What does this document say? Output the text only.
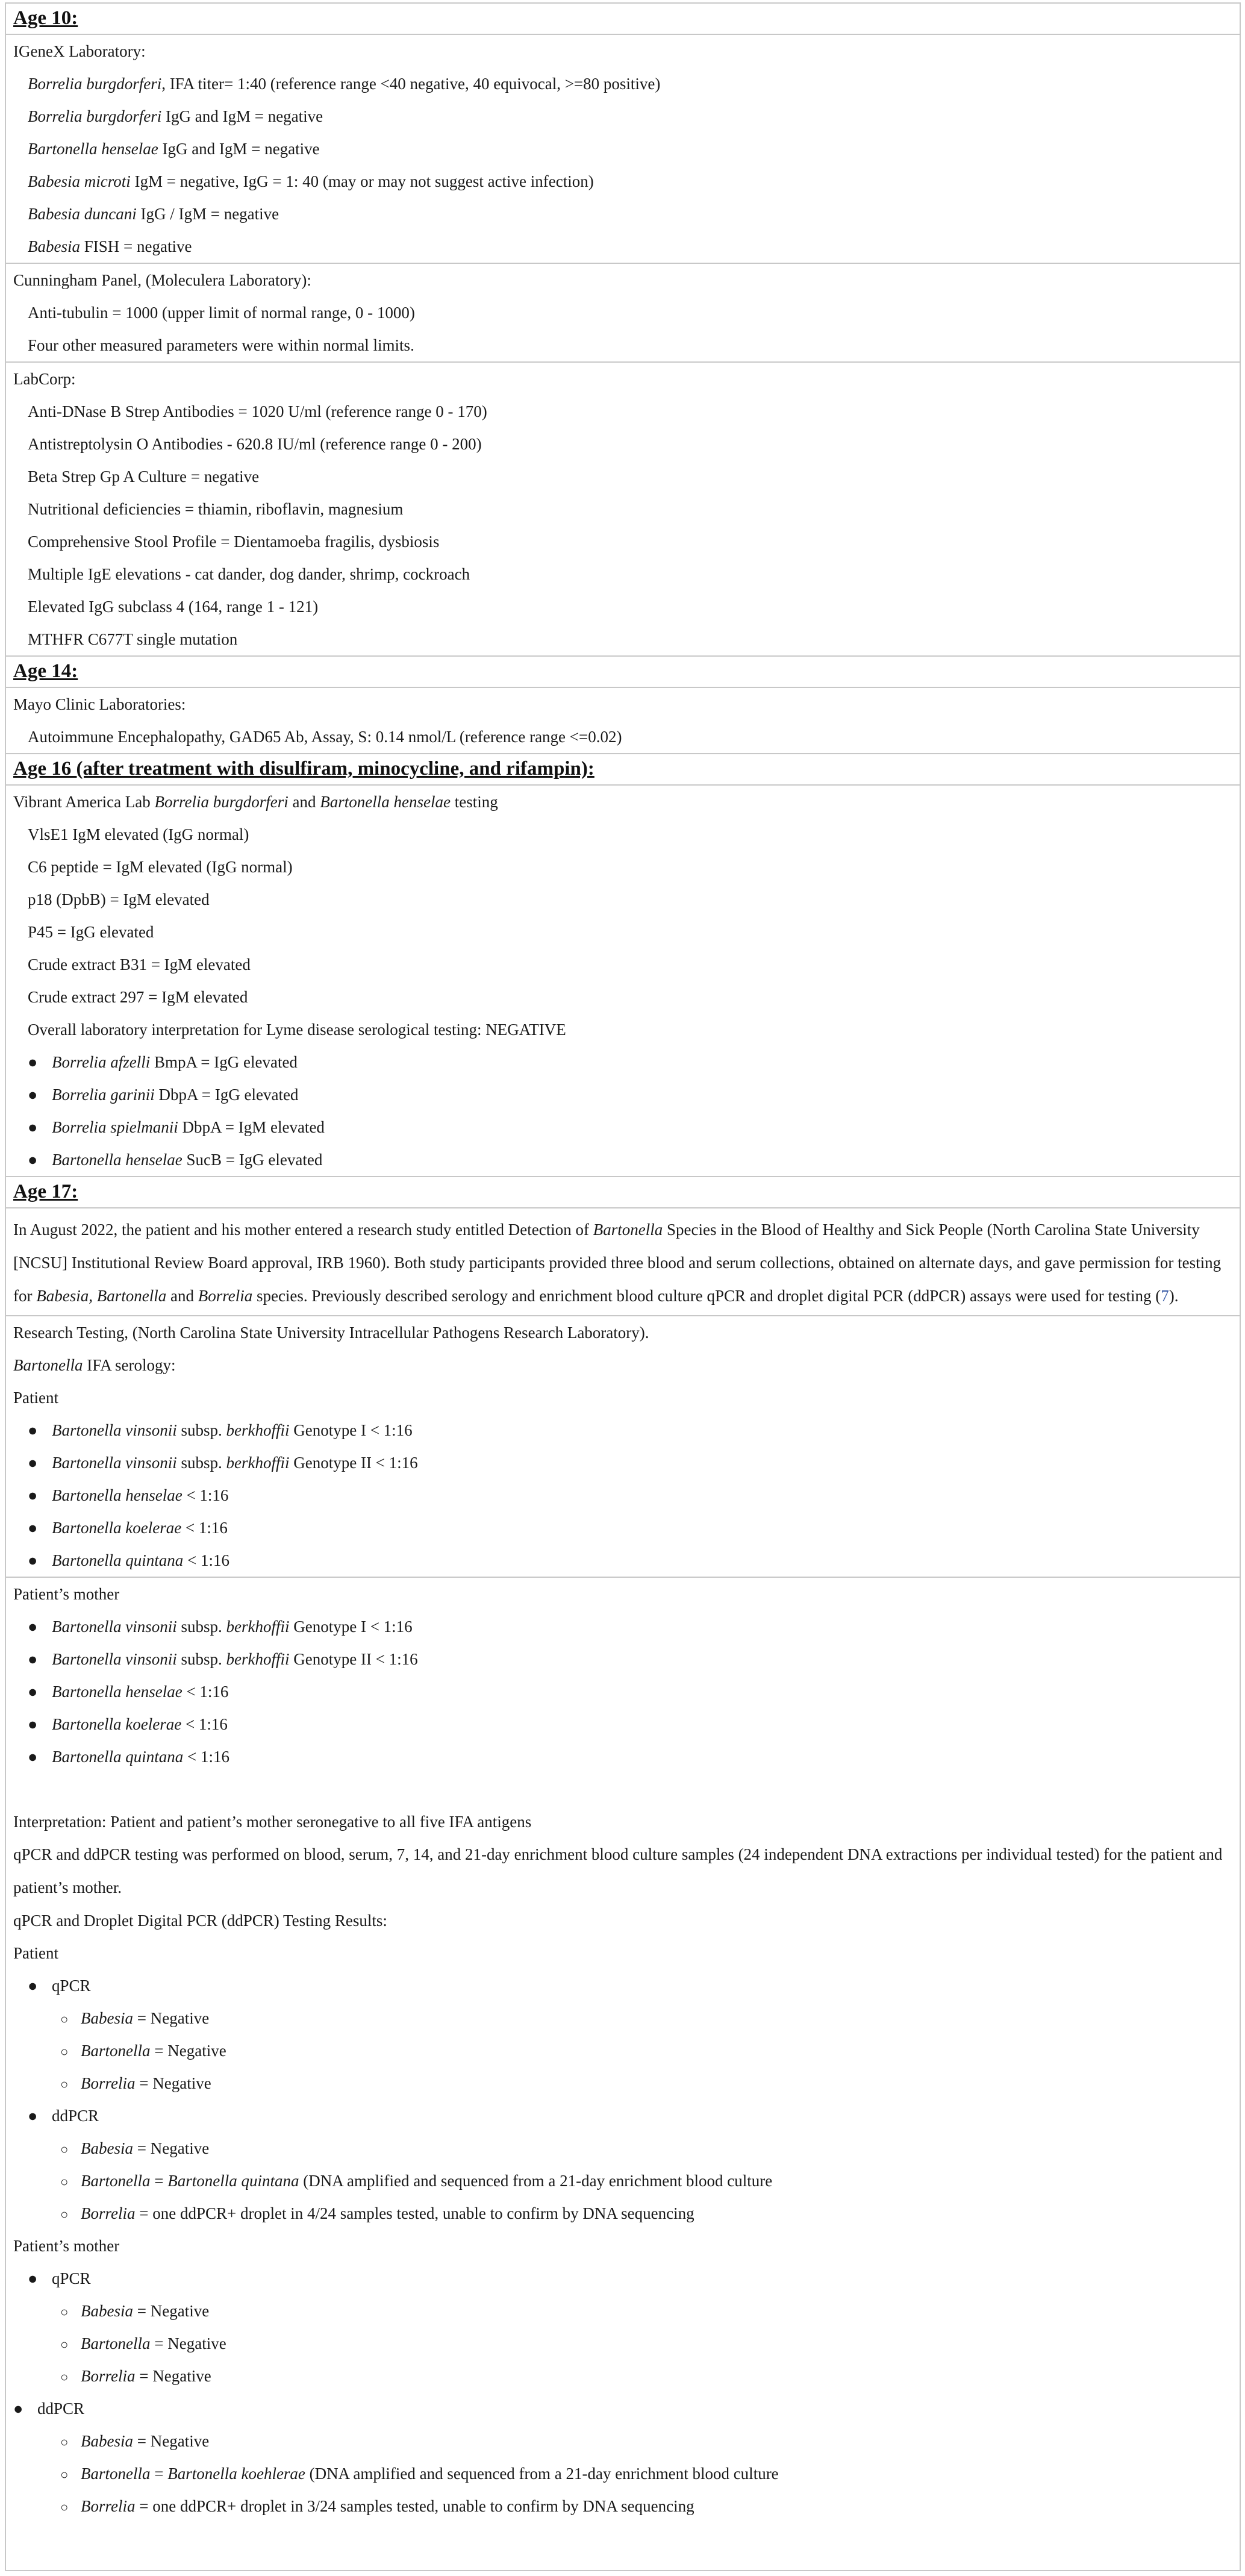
Age 10:
IGeneX Laboratory:
Borrelia burgdorferi, IFA titer= 1:40 (reference range <40 negative, 40 equivocal, >=80 positive)
Borrelia burgdorferi IgG and IgM = negative
Bartonella henselae IgG and IgM = negative
Babesia microti IgM = negative, IgG = 1: 40 (may or may not suggest active infection)
Babesia duncani IgG / IgM = negative
Babesia FISH = negative
Cunningham Panel, (Moleculera Laboratory):
Anti-tubulin = 1000 (upper limit of normal range, 0 - 1000)
Four other measured parameters were within normal limits.
LabCorp:
Anti-DNase B Strep Antibodies = 1020 U/ml (reference range 0 - 170)
Antistreptolysin O Antibodies - 620.8 IU/ml (reference range 0 - 200)
Beta Strep Gp A Culture = negative
Nutritional deficiencies = thiamin, riboflavin, magnesium
Comprehensive Stool Profile = Dientamoeba fragilis, dysbiosis
Multiple IgE elevations - cat dander, dog dander, shrimp, cockroach
Elevated IgG subclass 4 (164, range 1 - 121)
MTHFR C677T single mutation
Age 14:
Mayo Clinic Laboratories:
Autoimmune Encephalopathy, GAD65 Ab, Assay, S: 0.14 nmol/L (reference range <=0.02)
Age 16 (after treatment with disulfiram, minocycline, and rifampin):
Vibrant America Lab Borrelia burgdorferi and Bartonella henselae testing
VlsE1 IgM elevated (IgG normal)
C6 peptide = IgM elevated (IgG normal)
p18 (DpbB) = IgM elevated
P45 = IgG elevated
Crude extract B31 = IgM elevated
Crude extract 297 = IgM elevated
Overall laboratory interpretation for Lyme disease serological testing: NEGATIVE
● Borrelia afzelli BmpA = IgG elevated
● Borrelia garinii DbpA = IgG elevated
● Borrelia spielmanii DbpA = IgM elevated
● Bartonella henselae SucB = IgG elevated
Age 17:
In August 2022, the patient and his mother entered a research study entitled Detection of Bartonella Species in the Blood of Healthy and Sick People (North Carolina State University [NCSU] Institutional Review Board approval, IRB 1960). Both study participants provided three blood and serum collections, obtained on alternate days, and gave permission for testing for Babesia, Bartonella and Borrelia species. Previously described serology and enrichment blood culture qPCR and droplet digital PCR (ddPCR) assays were used for testing (7).
Research Testing, (North Carolina State University Intracellular Pathogens Research Laboratory).
Bartonella IFA serology:
Patient
● Bartonella vinsonii subsp. berkhoffii Genotype I < 1:16
● Bartonella vinsonii subsp. berkhoffii Genotype II < 1:16
● Bartonella henselae < 1:16
● Bartonella koelerae < 1:16
● Bartonella quintana < 1:16
Patient’s mother
● Bartonella vinsonii subsp. berkhoffii Genotype I < 1:16
● Bartonella vinsonii subsp. berkhoffii Genotype II < 1:16
● Bartonella henselae < 1:16
● Bartonella koelerae < 1:16
● Bartonella quintana < 1:16
Interpretation: Patient and patient’s mother seronegative to all five IFA antigens
qPCR and ddPCR testing was performed on blood, serum, 7, 14, and 21-day enrichment blood culture samples (24 independent DNA extractions per individual tested) for the patient and patient’s mother.
qPCR and Droplet Digital PCR (ddPCR) Testing Results:
Patient
● qPCR
○ Babesia = Negative
○ Bartonella = Negative
○ Borrelia = Negative
● ddPCR
○ Babesia = Negative
○ Bartonella = Bartonella quintana (DNA amplified and sequenced from a 21-day enrichment blood culture
○ Borrelia = one ddPCR+ droplet in 4/24 samples tested, unable to confirm by DNA sequencing
Patient’s mother
● qPCR
○ Babesia = Negative
○ Bartonella = Negative
○ Borrelia = Negative
● ddPCR
○ Babesia = Negative
○ Bartonella = Bartonella koehlerae (DNA amplified and sequenced from a 21-day enrichment blood culture
○ Borrelia = one ddPCR+ droplet in 3/24 samples tested, unable to confirm by DNA sequencing
